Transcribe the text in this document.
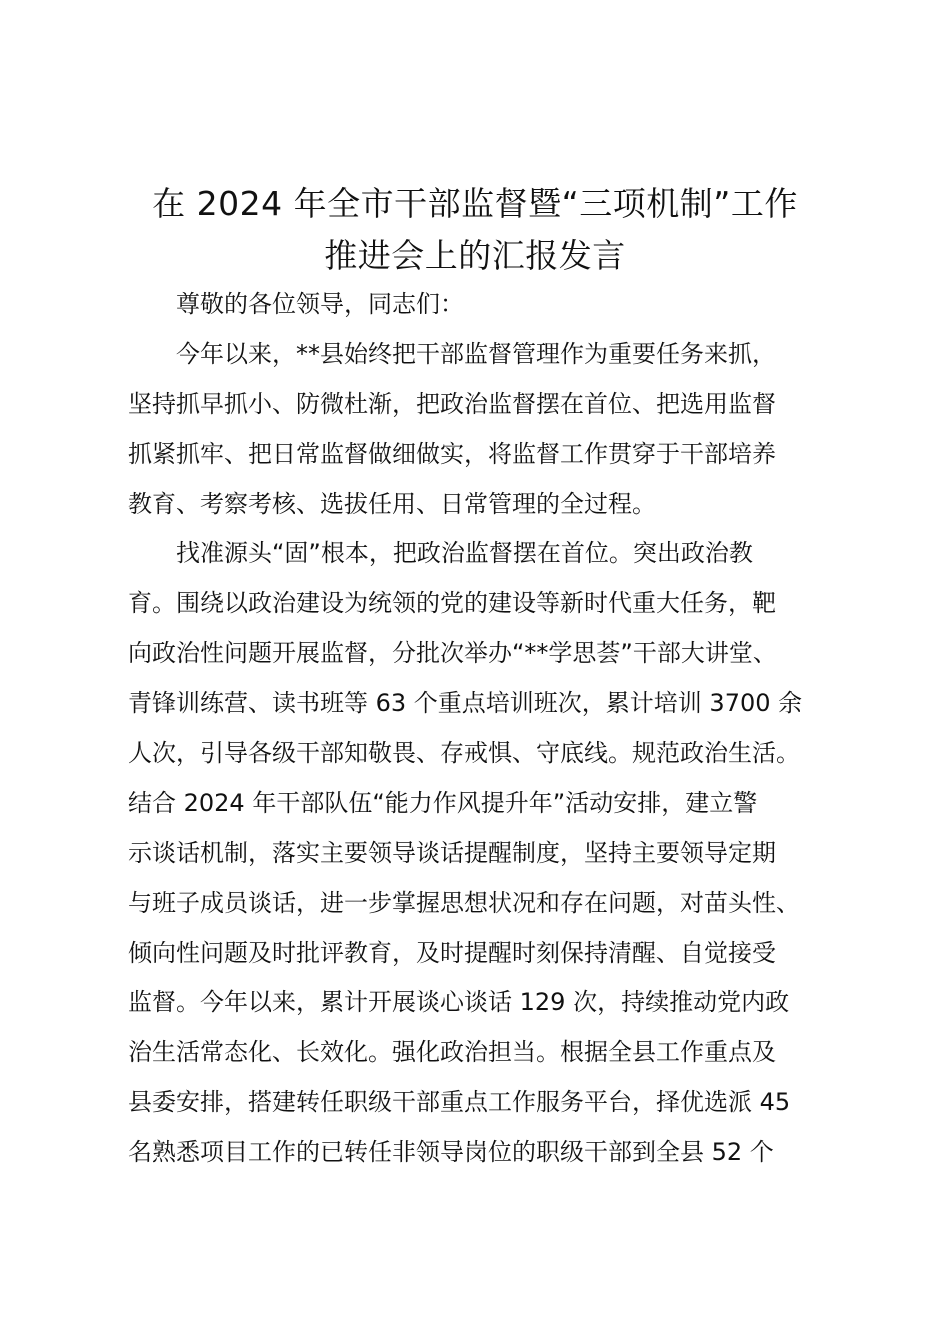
在 2024 年全市干部监督暨“三项机制”工作
推进会上的汇报发言
尊敬的各位领导，同志们：
今年以来，**县始终把干部监督管理作为重要任务来抓，
坚持抓早抓小、防微杜渐，把政治监督摆在首位、把选用监督
抓紧抓牢、把日常监督做细做实，将监督工作贯穿于干部培养
教育、考察考核、选拔任用、日常管理的全过程。
找准源头“固”根本，把政治监督摆在首位。突出政治教
育。围绕以政治建设为统领的党的建设等新时代重大任务，靶
向政治性问题开展监督，分批次举办“**学思荟”干部大讲堂、
青锋训练营、读书班等 63 个重点培训班次，累计培训 3700 余
人次，引导各级干部知敬畏、存戒惧、守底线。规范政治生活。
结合 2024 年干部队伍“能力作风提升年”活动安排，建立警
示谈话机制，落实主要领导谈话提醒制度，坚持主要领导定期
与班子成员谈话，进一步掌握思想状况和存在问题，对苗头性、
倾向性问题及时批评教育，及时提醒时刻保持清醒、自觉接受
监督。今年以来，累计开展谈心谈话 129 次，持续推动党内政
治生活常态化、长效化。强化政治担当。根据全县工作重点及
县委安排，搭建转任职级干部重点工作服务平台，择优选派 45
名熟悉项目工作的已转任非领导岗位的职级干部到全县 52 个
